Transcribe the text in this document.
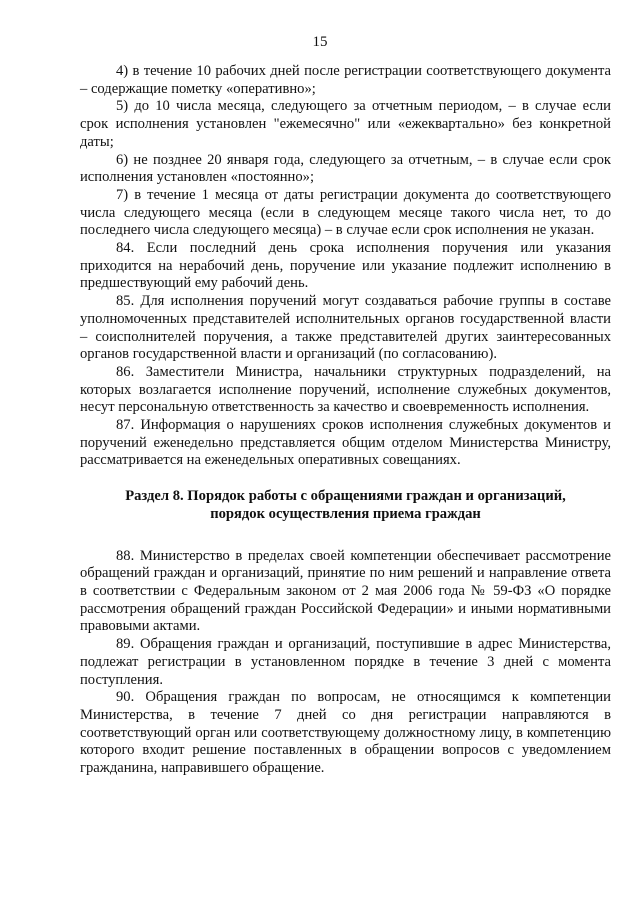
15

4) в течение 10 рабочих дней после регистрации соответствующего документа – содержащие пометку «оперативно»;

5) до 10 числа месяца, следующего за отчетным периодом, – в случае если срок исполнения установлен "ежемесячно" или «ежеквартально» без конкретной даты;

6) не позднее 20 января года, следующего за отчетным, – в случае если срок исполнения установлен «постоянно»;

7) в течение 1 месяца от даты регистрации документа до соответствующего числа следующего месяца (если в следующем месяце такого числа нет, то до последнего числа следующего месяца) – в случае если срок исполнения не указан.

84. Если последний день срока исполнения поручения или указания приходится на нерабочий день, поручение или указание подлежит исполнению в предшествующий ему рабочий день.

85. Для исполнения поручений могут создаваться рабочие группы в составе уполномоченных представителей исполнительных органов государственной власти – соисполнителей поручения, а также представителей других заинтересованных органов государственной власти и организаций (по согласованию).

86. Заместители Министра, начальники структурных подразделений, на которых возлагается исполнение поручений, исполнение служебных документов, несут персональную ответственность за качество и своевременность исполнения.

87. Информация о нарушениях сроков исполнения служебных документов и поручений еженедельно представляется общим отделом Министерства Министру, рассматривается на еженедельных оперативных совещаниях.

Раздел 8. Порядок работы с обращениями граждан и организаций,
порядок осуществления приема граждан

88. Министерство в пределах своей компетенции обеспечивает рассмотрение обращений граждан и организаций, принятие по ним решений и направление ответа в соответствии с Федеральным законом от 2 мая 2006 года № 59-ФЗ «О порядке рассмотрения обращений граждан Российской Федерации» и иными нормативными правовыми актами.

89. Обращения граждан и организаций, поступившие в адрес Министерства, подлежат регистрации в установленном порядке в течение 3 дней с момента поступления.

90. Обращения граждан по вопросам, не относящимся к компетенции Министерства, в течение 7 дней со дня регистрации направляются в соответствующий орган или соответствующему должностному лицу, в компетенцию которого входит решение поставленных в обращении вопросов с уведомлением гражданина, направившего обращение.
